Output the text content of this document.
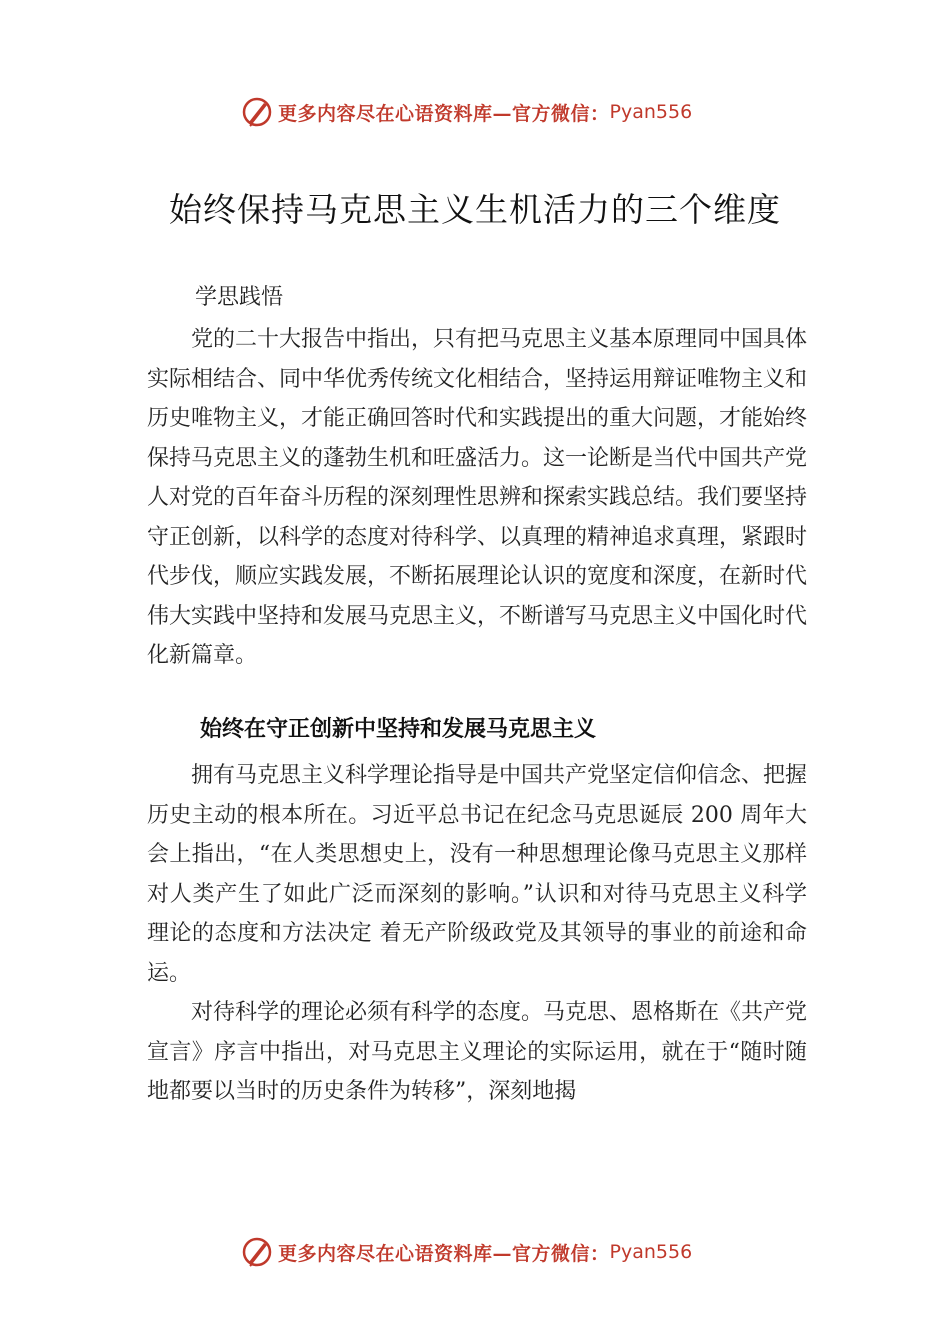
更多内容尽在心语资料库—官方微信： Pyan556
始终保持马克思主义生机活力的三个维度
学思践悟

党的二十大报告中指出，只有把马克思主义基本原理同中国具体实际相结合、同中华优秀传统文化相结合，坚持运用辩证唯物主义和历史唯物主义，才能正确回答时代和实践提出的重大问题，才能始终保持马克思主义的蓬勃生机和旺盛活力。这一论断是当代中国共产党人对党的百年奋斗历程的深刻理性思辨和探索实践总结。我们要坚持守正创新，以科学的态度对待科学、以真理的精神追求真理，紧跟时代步伐，顺应实践发展，不断拓展理论认识的宽度和深度，在新时代伟大实践中坚持和发展马克思主义，不断谱写马克思主义中国化时代化新篇章。

始终在守正创新中坚持和发展马克思主义

拥有马克思主义科学理论指导是中国共产党坚定信仰信念、把握历史主动的根本所在。习近平总书记在纪念马克思诞辰 200 周年大会上指出，“在人类思想史上，没有一种思想理论像马克思主义那样对人类产生了如此广泛而深刻的影响。”认识和对待马克思主义科学理论的态度和方法决定 着无产阶级政党及其领导的事业的前途和命运。

对待科学的理论必须有科学的态度。马克思、恩格斯在《共产党宣言》序言中指出，对马克思主义理论的实际运用，就在于“随时随地都要以当时的历史条件为转移”，深刻地揭

更多内容尽在心语资料库—官方微信： Pyan556
